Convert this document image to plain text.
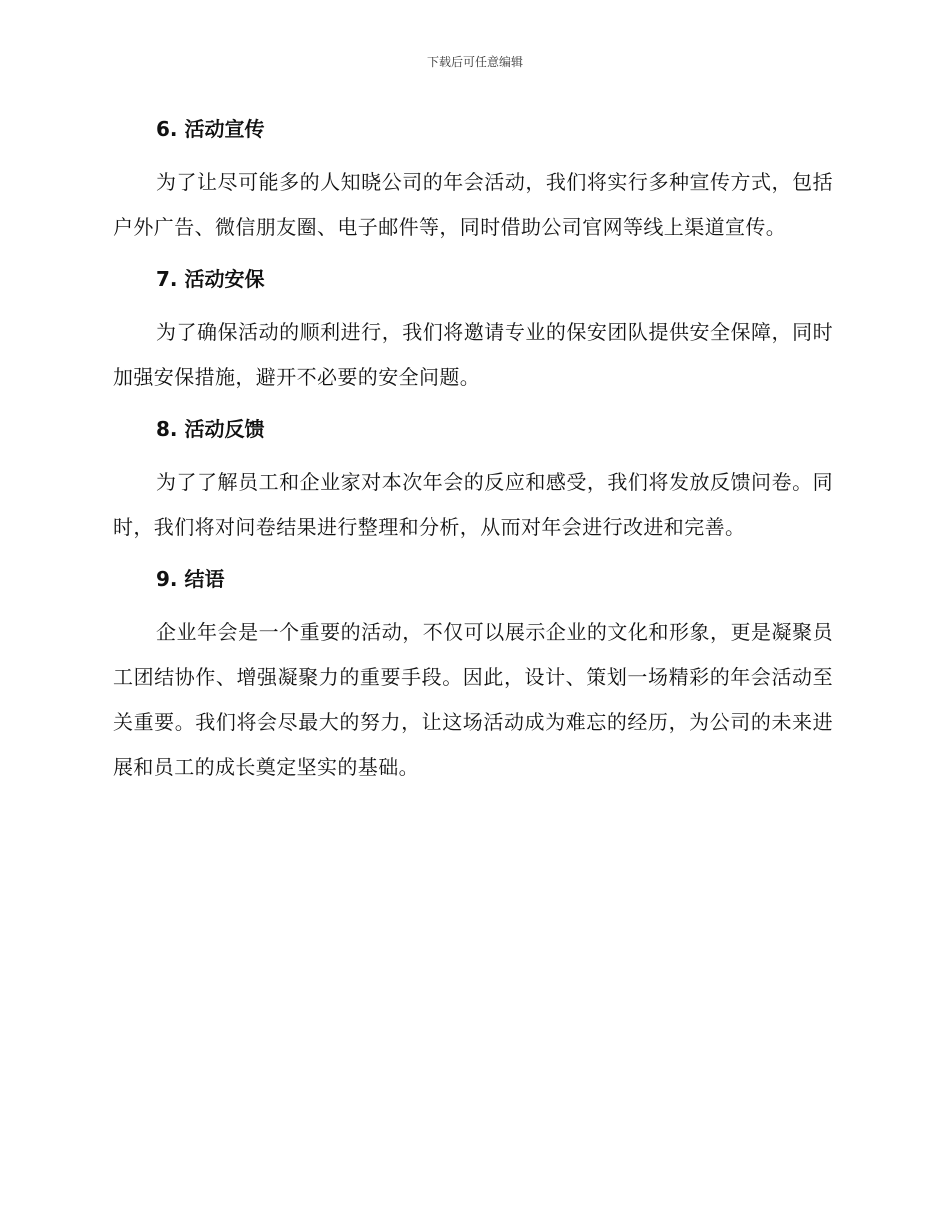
下载后可任意编辑
6. 活动宣传

为了让尽可能多的人知晓公司的年会活动，我们将实行多种宣传方式，包括户外广告、微信朋友圈、电子邮件等，同时借助公司官网等线上渠道宣传。

7. 活动安保

为了确保活动的顺利进行，我们将邀请专业的保安团队提供安全保障，同时加强安保措施，避开不必要的安全问题。

8. 活动反馈

为了了解员工和企业家对本次年会的反应和感受，我们将发放反馈问卷。同时，我们将对问卷结果进行整理和分析，从而对年会进行改进和完善。

9. 结语

企业年会是一个重要的活动，不仅可以展示企业的文化和形象，更是凝聚员工团结协作、增强凝聚力的重要手段。因此，设计、策划一场精彩的年会活动至关重要。我们将会尽最大的努力，让这场活动成为难忘的经历，为公司的未来进展和员工的成长奠定坚实的基础。
